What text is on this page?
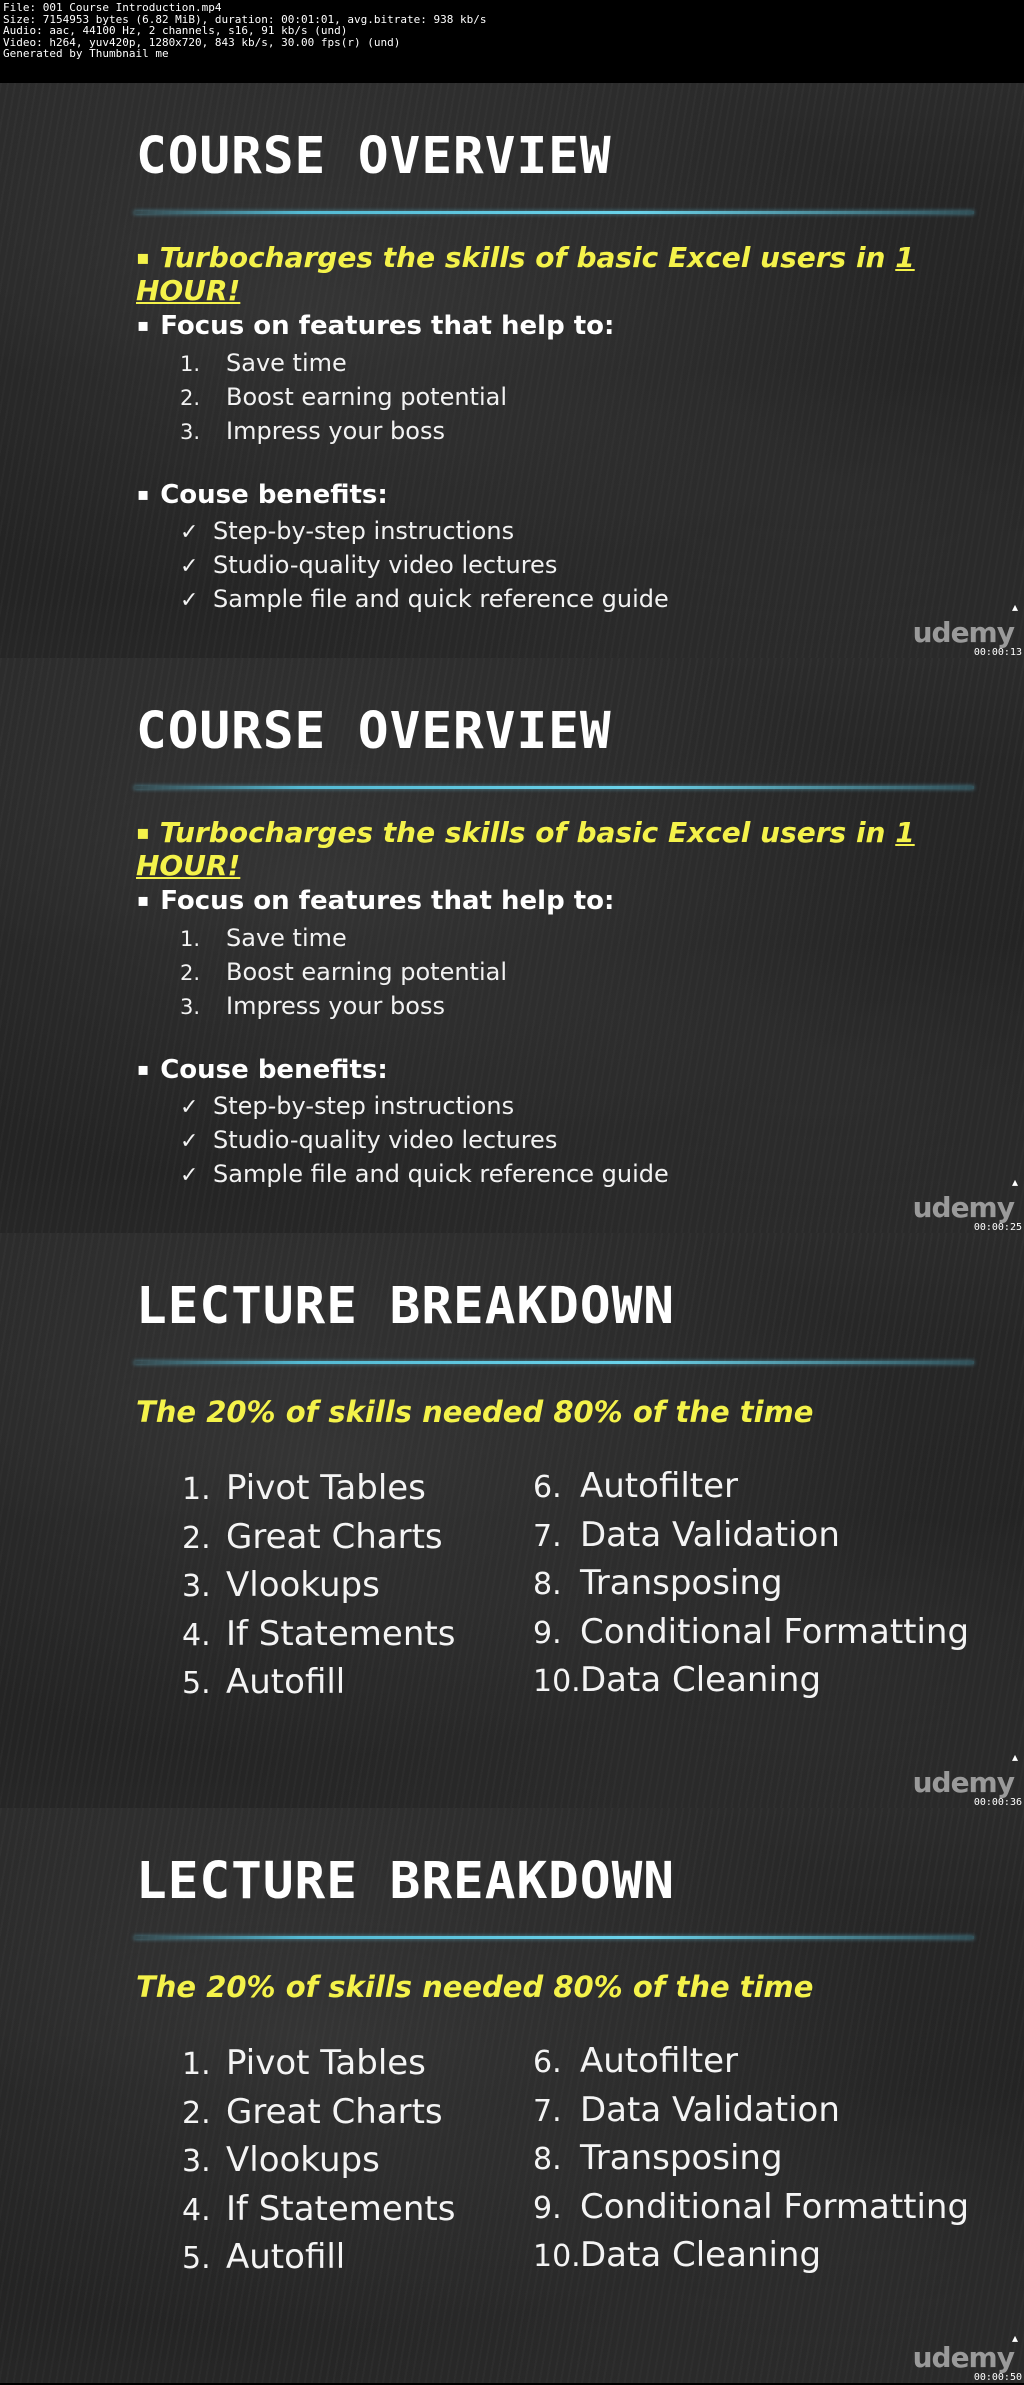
File: 001 Course Introduction.mp4
Size: 7154953 bytes (6.82 MiB), duration: 00:01:01, avg.bitrate: 938 kb/s
Audio: aac, 44100 Hz, 2 channels, s16, 91 kb/s (und)
Video: h264, yuv420p, 1280x720, 843 kb/s, 30.00 fps(r) (und)
Generated by Thumbnail me
COURSE OVERVIEW
▪ Turbocharges the skills of basic Excel users in 1 HOUR!
▪ Focus on features that help to:
1. Save time
2. Boost earning potential
3. Impress your boss
▪ Couse benefits:
✓ Step-by-step instructions
✓ Studio-quality video lectures
✓ Sample file and quick reference guide	▴
udemy
00:00:13
COURSE OVERVIEW
▪ Turbocharges the skills of basic Excel users in 1 HOUR!
▪ Focus on features that help to:
1. Save time
2. Boost earning potential
3. Impress your boss
▪ Couse benefits:
✓ Step-by-step instructions
✓ Studio-quality video lectures
✓ Sample file and quick reference guide	▴
udemy
00:00:25
LECTURE BREAKDOWN
The 20% of skills needed 80% of the time
1. Pivot Tables
2. Great Charts
3. Vlookups
4. If Statements
5. Autofill
6. Autofilter
7. Data Validation
8. Transposing
9. Conditional Formatting
10.Data Cleaning
▴
udemy
00:00:36
LECTURE BREAKDOWN
The 20% of skills needed 80% of the time
1. Pivot Tables
2. Great Charts
3. Vlookups
4. If Statements
5. Autofill
6. Autofilter
7. Data Validation
8. Transposing
9. Conditional Formatting
10.Data Cleaning
▴
udemy
00:00:50
